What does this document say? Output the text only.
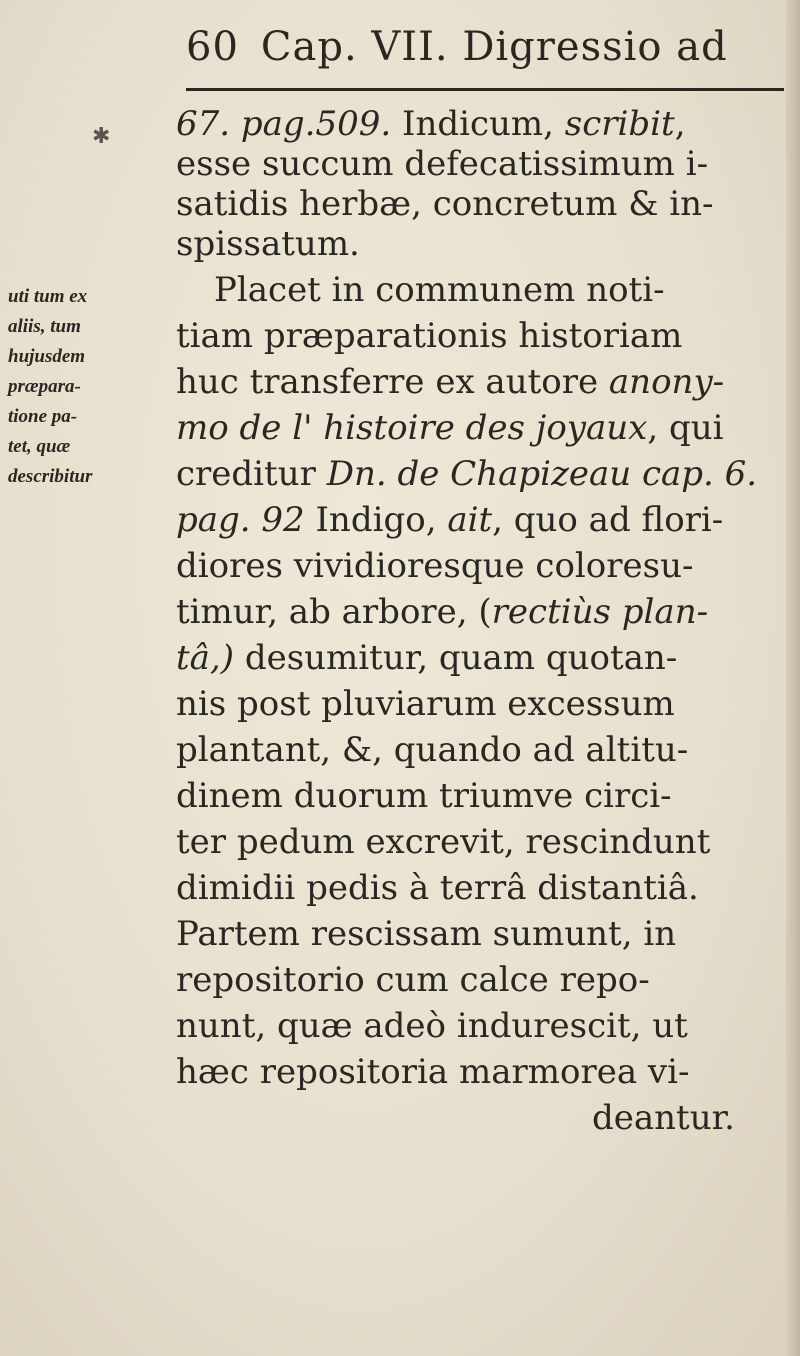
60 Cap. VII. Digressio ad
✱
uti tum ex
aliis, tum
hujusdem
præpara-
tione pa-
tet, quæ
describitur
67. pag.509. Indicum, scribit,
esse succum defecatissimum i-
satidis herbæ, concretum & in-
spissatum.
Placet in communem noti-
tiam præparationis historiam
huc transferre ex autore anony-
mo de l' histoire des joyaux, qui
creditur Dn. de Chapizeau cap. 6.
pag. 92 Indigo, ait, quo ad flori-
diores vividioresque coloresu-
timur, ab arbore, (rectiùs plan-
tâ,) desumitur, quam quotan-
nis post pluviarum excessum
plantant, &, quando ad altitu-
dinem duorum triumve circi-
ter pedum excrevit, rescindunt
dimidii pedis à terrâ distantiâ.
Partem rescissam sumunt, in
repositorio cum calce repo-
nunt, quæ adeò indurescit, ut
hæc repositoria marmorea vi-
deantur.
